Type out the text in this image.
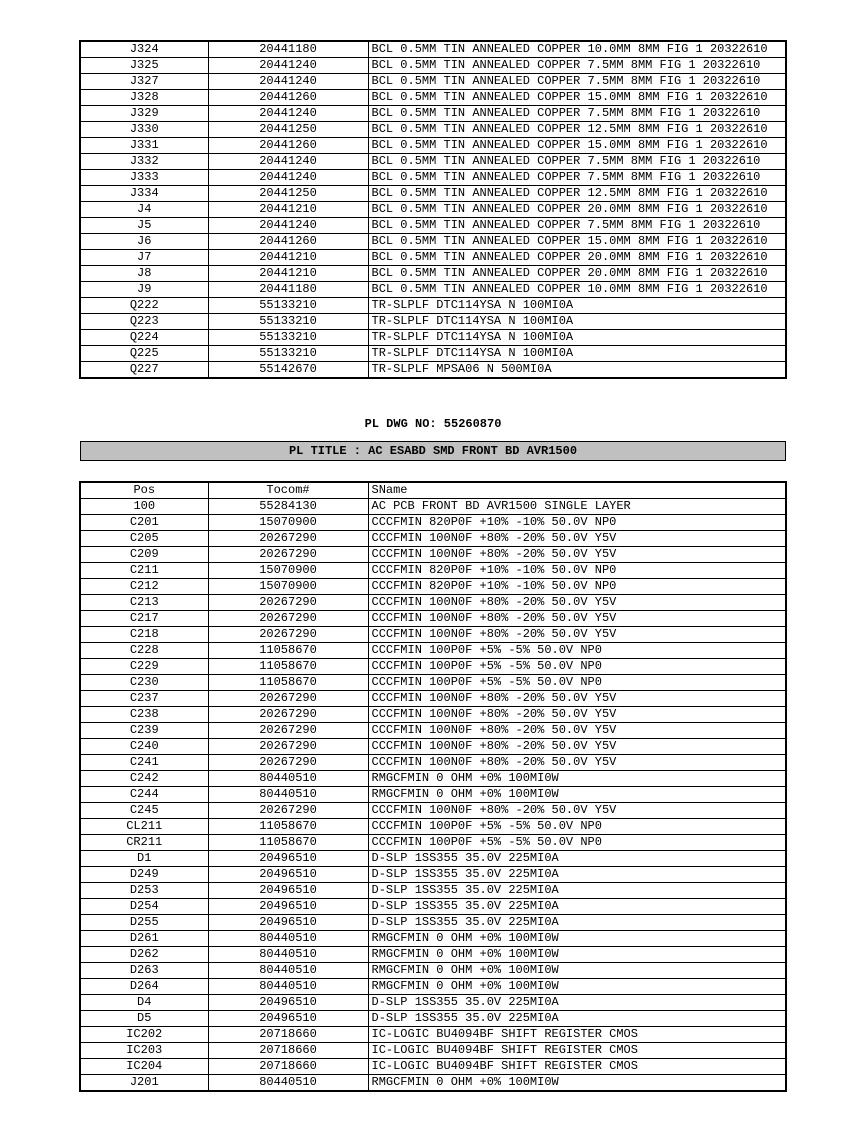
J324	20441180	BCL 0.5MM TIN ANNEALED COPPER 10.0MM 8MM FIG 1 20322610
J325	20441240	BCL 0.5MM TIN ANNEALED COPPER 7.5MM 8MM FIG 1 20322610
J327	20441240	BCL 0.5MM TIN ANNEALED COPPER 7.5MM 8MM FIG 1 20322610
J328	20441260	BCL 0.5MM TIN ANNEALED COPPER 15.0MM 8MM FIG 1 20322610
J329	20441240	BCL 0.5MM TIN ANNEALED COPPER 7.5MM 8MM FIG 1 20322610
J330	20441250	BCL 0.5MM TIN ANNEALED COPPER 12.5MM 8MM FIG 1 20322610
J331	20441260	BCL 0.5MM TIN ANNEALED COPPER 15.0MM 8MM FIG 1 20322610
J332	20441240	BCL 0.5MM TIN ANNEALED COPPER 7.5MM 8MM FIG 1 20322610
J333	20441240	BCL 0.5MM TIN ANNEALED COPPER 7.5MM 8MM FIG 1 20322610
J334	20441250	BCL 0.5MM TIN ANNEALED COPPER 12.5MM 8MM FIG 1 20322610
J4	20441210	BCL 0.5MM TIN ANNEALED COPPER 20.0MM 8MM FIG 1 20322610
J5	20441240	BCL 0.5MM TIN ANNEALED COPPER 7.5MM 8MM FIG 1 20322610
J6	20441260	BCL 0.5MM TIN ANNEALED COPPER 15.0MM 8MM FIG 1 20322610
J7	20441210	BCL 0.5MM TIN ANNEALED COPPER 20.0MM 8MM FIG 1 20322610
J8	20441210	BCL 0.5MM TIN ANNEALED COPPER 20.0MM 8MM FIG 1 20322610
J9	20441180	BCL 0.5MM TIN ANNEALED COPPER 10.0MM 8MM FIG 1 20322610
Q222	55133210	TR-SLPLF DTC114YSA N 100MI0A
Q223	55133210	TR-SLPLF DTC114YSA N 100MI0A
Q224	55133210	TR-SLPLF DTC114YSA N 100MI0A
Q225	55133210	TR-SLPLF DTC114YSA N 100MI0A
Q227	55142670	TR-SLPLF MPSA06 N 500MI0A
PL DWG NO: 55260870
PL TITLE : AC ESABD SMD FRONT BD AVR1500
Pos	Tocom#	SName
100	55284130	AC PCB FRONT BD AVR1500 SINGLE LAYER
C201	15070900	CCCFMIN 820P0F +10% -10% 50.0V NP0
C205	20267290	CCCFMIN 100N0F +80% -20% 50.0V Y5V
C209	20267290	CCCFMIN 100N0F +80% -20% 50.0V Y5V
C211	15070900	CCCFMIN 820P0F +10% -10% 50.0V NP0
C212	15070900	CCCFMIN 820P0F +10% -10% 50.0V NP0
C213	20267290	CCCFMIN 100N0F +80% -20% 50.0V Y5V
C217	20267290	CCCFMIN 100N0F +80% -20% 50.0V Y5V
C218	20267290	CCCFMIN 100N0F +80% -20% 50.0V Y5V
C228	11058670	CCCFMIN 100P0F +5% -5% 50.0V NP0
C229	11058670	CCCFMIN 100P0F +5% -5% 50.0V NP0
C230	11058670	CCCFMIN 100P0F +5% -5% 50.0V NP0
C237	20267290	CCCFMIN 100N0F +80% -20% 50.0V Y5V
C238	20267290	CCCFMIN 100N0F +80% -20% 50.0V Y5V
C239	20267290	CCCFMIN 100N0F +80% -20% 50.0V Y5V
C240	20267290	CCCFMIN 100N0F +80% -20% 50.0V Y5V
C241	20267290	CCCFMIN 100N0F +80% -20% 50.0V Y5V
C242	80440510	RMGCFMIN 0 OHM +0% 100MI0W
C244	80440510	RMGCFMIN 0 OHM +0% 100MI0W
C245	20267290	CCCFMIN 100N0F +80% -20% 50.0V Y5V
CL211	11058670	CCCFMIN 100P0F +5% -5% 50.0V NP0
CR211	11058670	CCCFMIN 100P0F +5% -5% 50.0V NP0
D1	20496510	D-SLP 1SS355 35.0V 225MI0A
D249	20496510	D-SLP 1SS355 35.0V 225MI0A
D253	20496510	D-SLP 1SS355 35.0V 225MI0A
D254	20496510	D-SLP 1SS355 35.0V 225MI0A
D255	20496510	D-SLP 1SS355 35.0V 225MI0A
D261	80440510	RMGCFMIN 0 OHM +0% 100MI0W
D262	80440510	RMGCFMIN 0 OHM +0% 100MI0W
D263	80440510	RMGCFMIN 0 OHM +0% 100MI0W
D264	80440510	RMGCFMIN 0 OHM +0% 100MI0W
D4	20496510	D-SLP 1SS355 35.0V 225MI0A
D5	20496510	D-SLP 1SS355 35.0V 225MI0A
IC202	20718660	IC-LOGIC BU4094BF SHIFT REGISTER CMOS
IC203	20718660	IC-LOGIC BU4094BF SHIFT REGISTER CMOS
IC204	20718660	IC-LOGIC BU4094BF SHIFT REGISTER CMOS
J201	80440510	RMGCFMIN 0 OHM +0% 100MI0W
